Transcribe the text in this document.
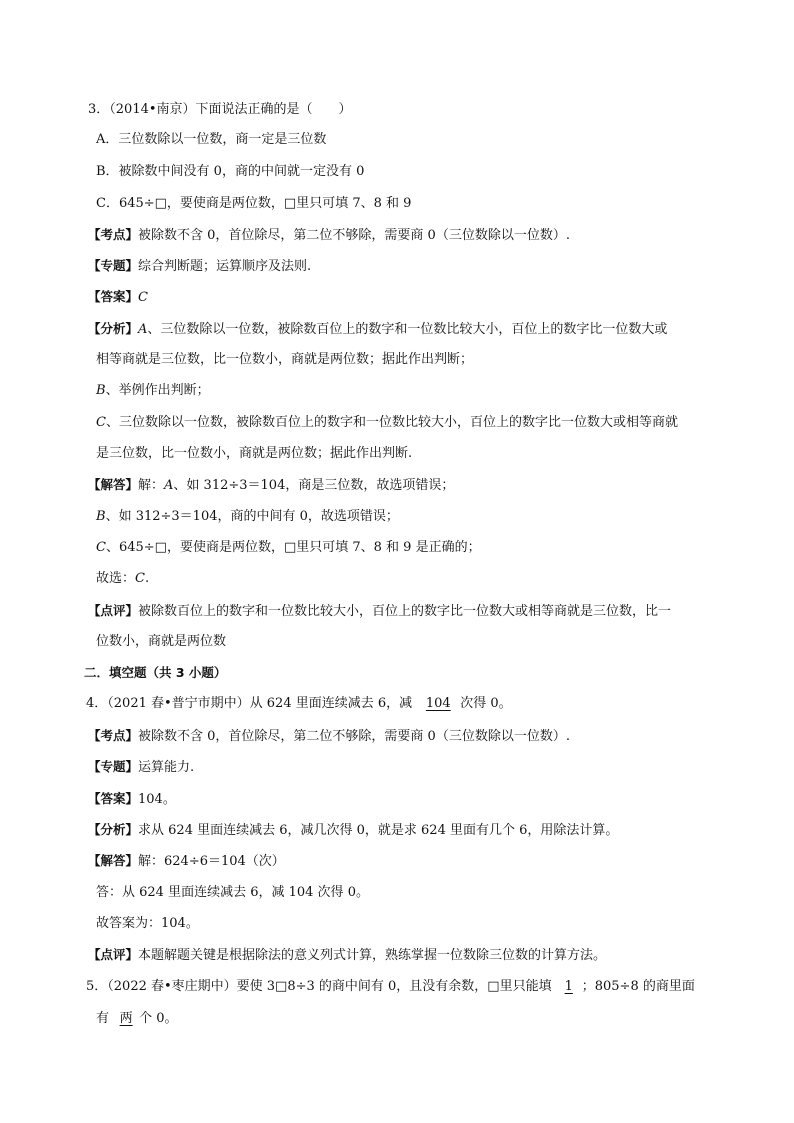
3．（2014•南京）下面说法正确的是（　　）
A．三位数除以一位数，商一定是三位数
B．被除数中间没有 0，商的中间就一定没有 0
C．645÷□，要使商是两位数，□里只可填 7、8 和 9
【考点】被除数不含 0，首位除尽，第二位不够除，需要商 0（三位数除以一位数）.
【专题】综合判断题；运算顺序及法则.
【答案】C
【分析】A、三位数除以一位数，被除数百位上的数字和一位数比较大小，百位上的数字比一位数大或
相等商就是三位数，比一位数小，商就是两位数；据此作出判断；
B、举例作出判断；
C、三位数除以一位数，被除数百位上的数字和一位数比较大小，百位上的数字比一位数大或相等商就
是三位数，比一位数小，商就是两位数；据此作出判断.
【解答】解：A、如 312÷3＝104，商是三位数，故选项错误；
B、如 312÷3＝104，商的中间有 0，故选项错误；
C、645÷□，要使商是两位数，□里只可填 7、8 和 9 是正确的；
故选：C.
【点评】被除数百位上的数字和一位数比较大小，百位上的数字比一位数大或相等商就是三位数，比一
位数小，商就是两位数
二．填空题（共 3 小题）
4．（2021 春•普宁市期中）从 624 里面连续减去 6，减 104 次得 0。
【考点】被除数不含 0，首位除尽，第二位不够除，需要商 0（三位数除以一位数）.
【专题】运算能力.
【答案】104。
【分析】求从 624 里面连续减去 6，减几次得 0，就是求 624 里面有几个 6，用除法计算。
【解答】解：624÷6＝104（次）
答：从 624 里面连续减去 6，减 104 次得 0。
故答案为：104。
【点评】本题解题关键是根据除法的意义列式计算，熟练掌握一位数除三位数的计算方法。
5．（2022 春•枣庄期中）要使 3□8÷3 的商中间有 0，且没有余数，□里只能填 1 ；805÷8 的商里面
有 两 个 0。
